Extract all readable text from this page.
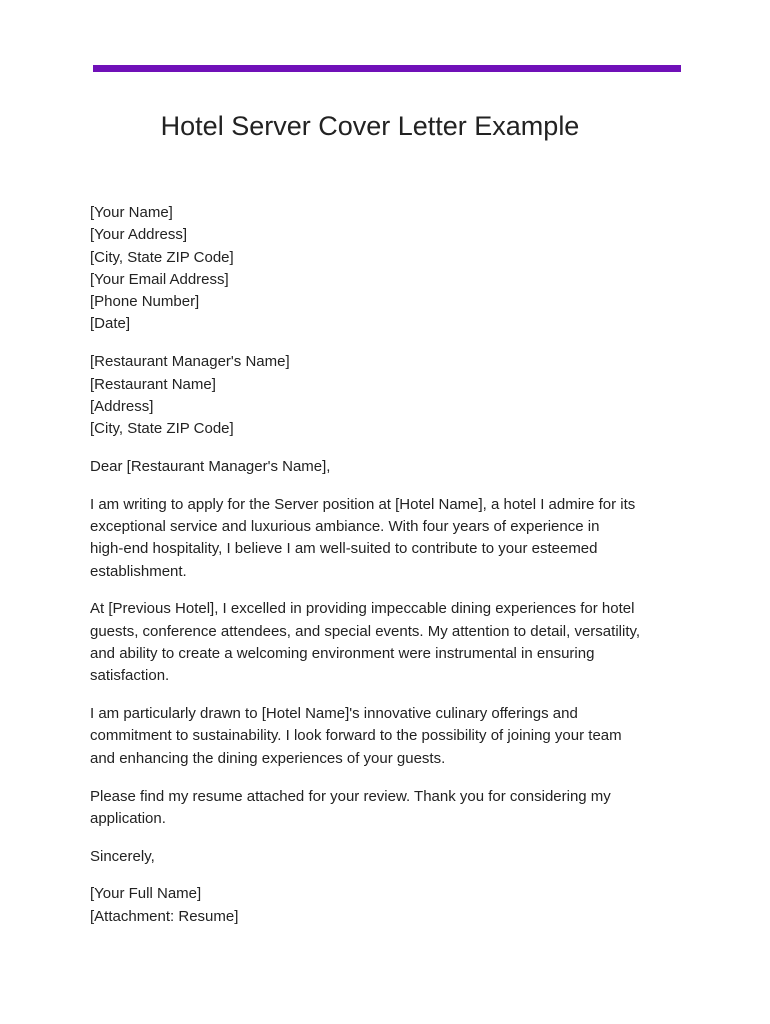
Hotel Server Cover Letter Example
[Your Name]
[Your Address]
[City, State ZIP Code]
[Your Email Address]
[Phone Number]
[Date]
[Restaurant Manager's Name]
[Restaurant Name]
[Address]
[City, State ZIP Code]
Dear [Restaurant Manager's Name],
I am writing to apply for the Server position at [Hotel Name], a hotel I admire for its
exceptional service and luxurious ambiance. With four years of experience in
high-end hospitality, I believe I am well-suited to contribute to your esteemed
establishment.
At [Previous Hotel], I excelled in providing impeccable dining experiences for hotel
guests, conference attendees, and special events. My attention to detail, versatility,
and ability to create a welcoming environment were instrumental in ensuring
satisfaction.
I am particularly drawn to [Hotel Name]'s innovative culinary offerings and
commitment to sustainability. I look forward to the possibility of joining your team
and enhancing the dining experiences of your guests.
Please find my resume attached for your review. Thank you for considering my
application.
Sincerely,
[Your Full Name]
[Attachment: Resume]
